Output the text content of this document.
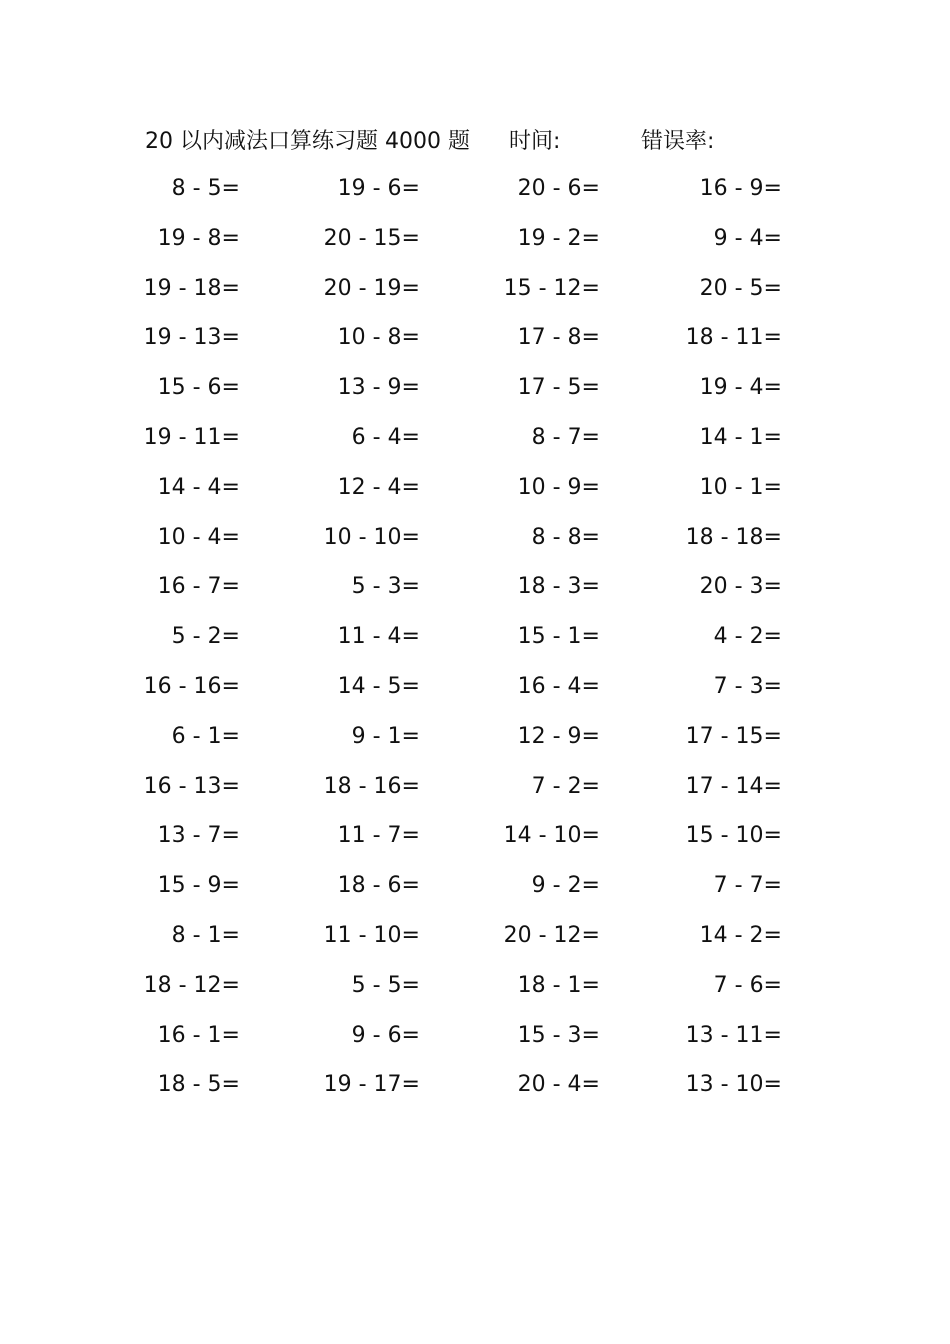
20 以内减法口算练习题 4000 题 时间:	错误率:
8 - 5=	19 - 6=	20 - 6=	16 - 9=
19 - 8=	20 - 15=	19 - 2=	9 - 4=
19 - 18=	20 - 19=	15 - 12=	20 - 5=
19 - 13=	10 - 8=	17 - 8=	18 - 11=
15 - 6=	13 - 9=	17 - 5=	19 - 4=
19 - 11=	6 - 4=	8 - 7=	14 - 1=
14 - 4=	12 - 4=	10 - 9=	10 - 1=
10 - 4=	10 - 10=	8 - 8=	18 - 18=
16 - 7=	5 - 3=	18 - 3=	20 - 3=
5 - 2=	11 - 4=	15 - 1=	4 - 2=
16 - 16=	14 - 5=	16 - 4=	7 - 3=
6 - 1=	9 - 1=	12 - 9=	17 - 15=
16 - 13=	18 - 16=	7 - 2=	17 - 14=
13 - 7=	11 - 7=	14 - 10=	15 - 10=
15 - 9=	18 - 6=	9 - 2=	7 - 7=
8 - 1=	11 - 10=	20 - 12=	14 - 2=
18 - 12=	5 - 5=	18 - 1=	7 - 6=
16 - 1=	9 - 6=	15 - 3=	13 - 11=
18 - 5=	19 - 17=	20 - 4=	13 - 10=
